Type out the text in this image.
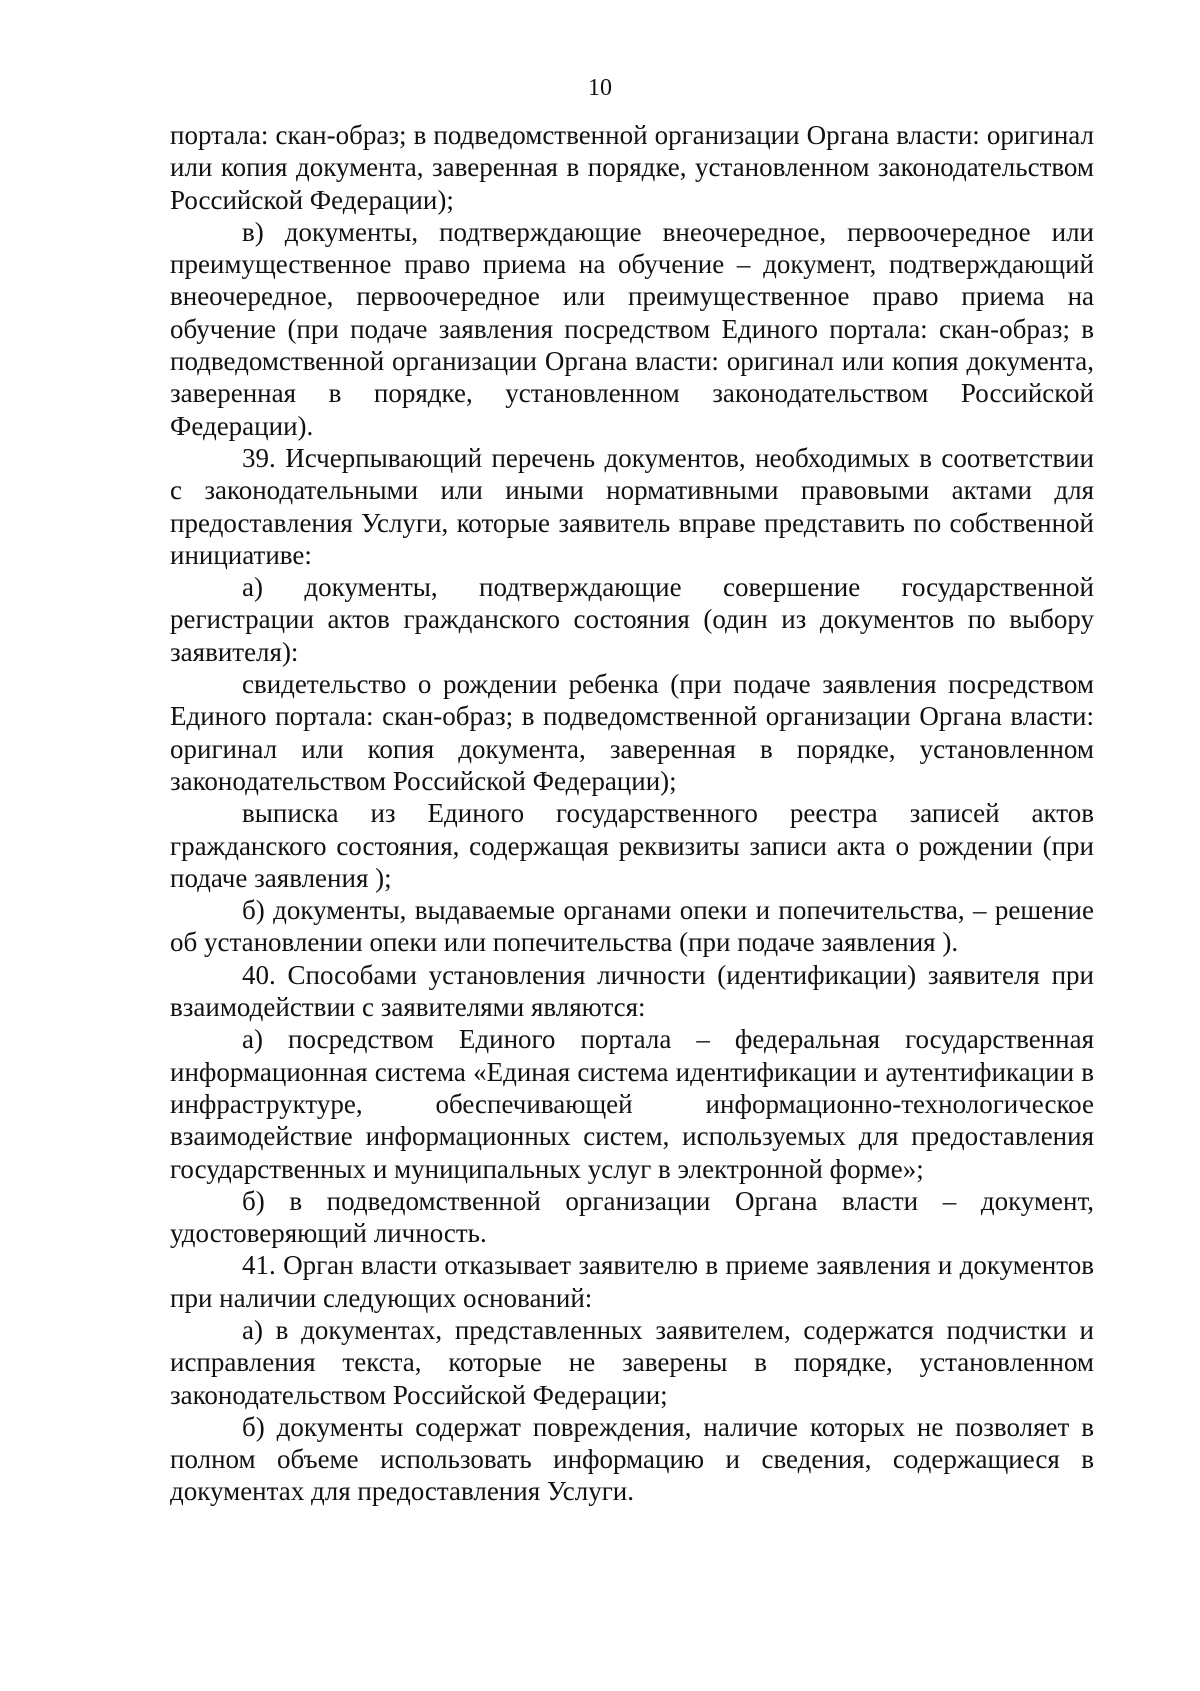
10

портала: скан-образ; в подведомственной организации Органа власти: оригинал или копия документа, заверенная в порядке, установленном законодательством Российской Федерации);

в) документы, подтверждающие внеочередное, первоочередное или преимущественное право приема на обучение – документ, подтверждающий внеочередное, первоочередное или преимущественное право приема на обучение (при подаче заявления посредством Единого портала: скан-образ; в подведомственной организации Органа власти: оригинал или копия документа, заверенная в порядке, установленном законодательством Российской Федерации).

39. Исчерпывающий перечень документов, необходимых в соответствии с законодательными или иными нормативными правовыми актами для предоставления Услуги, которые заявитель вправе представить по собственной инициативе:

а) документы, подтверждающие совершение государственной регистрации актов гражданского состояния (один из документов по выбору заявителя):

свидетельство о рождении ребенка (при подаче заявления посредством Единого портала: скан-образ; в подведомственной организации Органа власти: оригинал или копия документа, заверенная в порядке, установленном законодательством Российской Федерации);

выписка из Единого государственного реестра записей актов гражданского состояния, содержащая реквизиты записи акта о рождении (при подаче заявления );

б) документы, выдаваемые органами опеки и попечительства, – решение об установлении опеки или попечительства (при подаче заявления ).

40. Способами установления личности (идентификации) заявителя при взаимодействии с заявителями являются:

а) посредством Единого портала – федеральная государственная информационная система «Единая система идентификации и аутентификации в инфраструктуре, обеспечивающей информационно-технологическое взаимодействие информационных систем, используемых для предоставления государственных и муниципальных услуг в электронной форме»;

б) в подведомственной организации Органа власти – документ, удостоверяющий личность.

41. Орган власти отказывает заявителю в приеме заявления и документов при наличии следующих оснований:

а) в документах, представленных заявителем, содержатся подчистки и исправления текста, которые не заверены в порядке, установленном законодательством Российской Федерации;

б) документы содержат повреждения, наличие которых не позволяет в полном объеме использовать информацию и сведения, содержащиеся в документах для предоставления Услуги.
